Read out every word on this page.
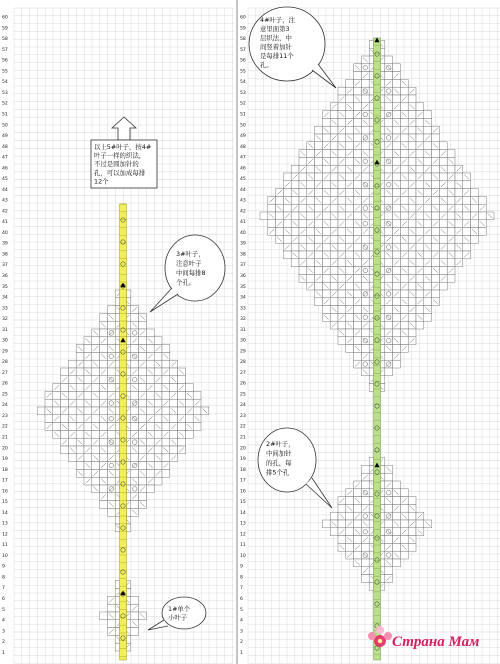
60
59
58
57
56
55
54
53
52
51
50
49
48
47
46
45
44
43
42
41
40
39
38
37
36
35
34
33
32
31
30
29
28
27
26
25
24
23
22
21
20
19
18
17
16
15
14
13
12
11
10
9
8
7
6
5
4
3
2
1
60
59
58
57
56
55
54
53
52
51
50
49
48
47
46
45
44
43
42
41
40
39
38
37
36
35
34
33
32
31
30
29
28
27
26
25
24
23
22
21
20
19
18
17
16
15
14
13
12
11
10
9
8
7
6
5
4
3
2
1
以上5#叶子，按4#叶子一样的织法，不过是圆加针的孔，可以加成每排 12个
3#叶子，注意叶子中间每排8 个孔。
1#单个小叶子
4#叶子，注意里面第3 层织法，中间竖着加针是每排11个孔。
2#叶子，中间加针的孔，每排5个孔
Страна Мам
